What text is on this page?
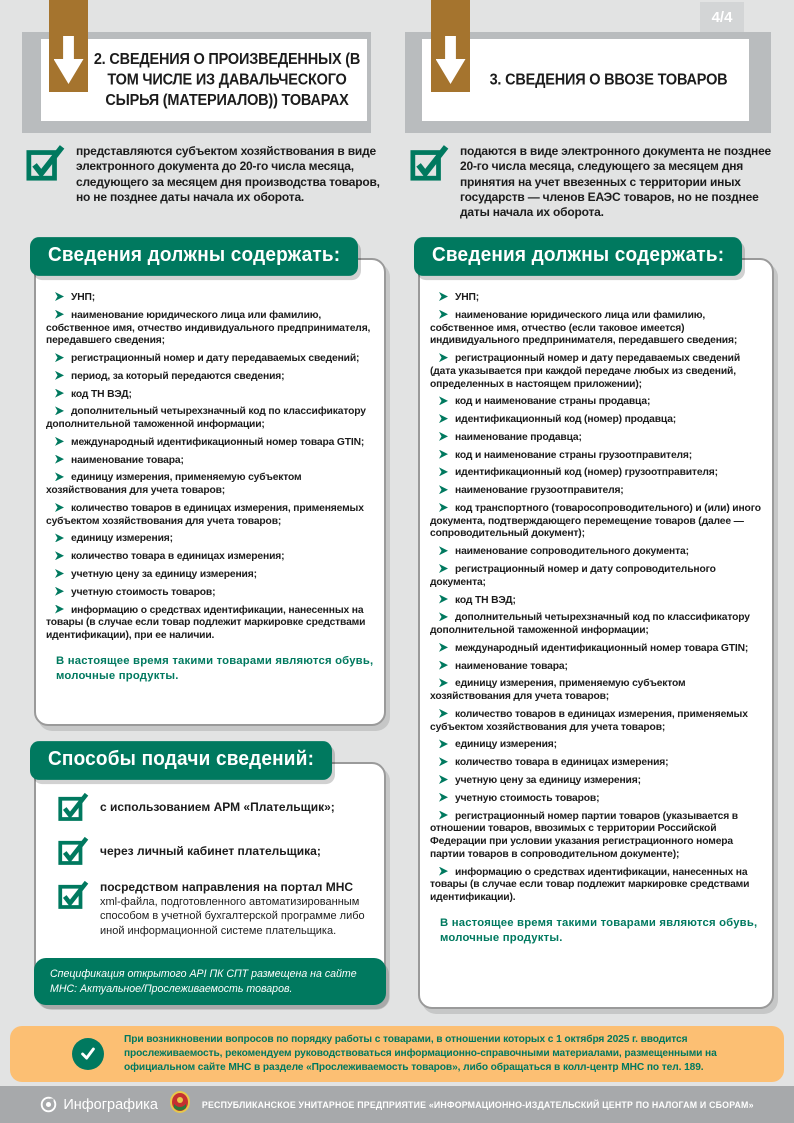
4/4
2. СВЕДЕНИЯ О ПРОИЗВЕДЕННЫХ (В ТОМ ЧИСЛЕ ИЗ ДАВАЛЬЧЕСКОГО СЫРЬЯ (МАТЕРИАЛОВ)) ТОВАРАХ
3. СВЕДЕНИЯ О ВВОЗЕ ТОВАРОВ
представляются субъектом хозяйствования в виде электронного документа до 20-го числа месяца, следующего за месяцем дня производства товаров, но не позднее даты начала их оборота.
подаются в виде электронного документа не позднее 20-го числа месяца, следующего за месяцем дня принятия на учет ввезенных с территории иных государств — членов ЕАЭС товаров, но не позднее даты начала их оборота.
Сведения должны содержать:	Сведения должны содержать:
Способы подачи сведений:
УНП;
наименование юридического лица или фамилию, собственное имя, отчество индивидуального предпринимателя, передавшего сведения;
регистрационный номер и дату передаваемых сведений;
период, за который передаются сведения;
код ТН ВЭД;
дополнительный четырехзначный код по классификатору дополнительной таможенной информации;
международный идентификационный номер товара GTIN;
наименование товара;
единицу измерения, применяемую субъектом хозяйствования для учета товаров;
количество товаров в единицах измерения, применяемых субъектом хозяйствования для учета товаров;
единицу измерения;
количество товара в единицах измерения;
учетную цену за единицу измерения;
учетную стоимость товаров;
информацию о средствах идентификации, нанесенных на товары (в случае если товар подлежит маркировке средствами идентификации), при ее наличии.
В настоящее время такими товарами являются обувь, молочные продукты.
УНП;
наименование юридического лица или фамилию, собственное имя, отчество (если таковое имеется) индивидуального предпринимателя, передавшего сведения;
регистрационный номер и дату передаваемых сведений (дата указывается при каждой передаче любых из сведений, определенных в настоящем приложении);
код и наименование страны продавца;
идентификационный код (номер) продавца;
наименование продавца;
код и наименование страны грузоотправителя;
идентификационный код (номер) грузоотправителя;
наименование грузоотправителя;
код транспортного (товаросопроводительного) и (или) иного документа, подтверждающего перемещение товаров (далее — сопроводительный документ);
наименование сопроводительного документа;
регистрационный номер и дату сопроводительного документа;
код ТН ВЭД;
дополнительный четырехзначный код по классификатору дополнительной таможенной информации;
международный идентификационный номер товара GTIN;
наименование товара;
единицу измерения, применяемую субъектом хозяйствования для учета товаров;
количество товаров в единицах измерения, применяемых субъектом хозяйствования для учета товаров;
единицу измерения;
количество товара в единицах измерения;
учетную цену за единицу измерения;
учетную стоимость товаров;
регистрационный номер партии товаров (указывается в отношении товаров, ввозимых с территории Российской Федерации при условии указания регистрационного номера партии товаров в сопроводительном документе);
информацию о средствах идентификации, нанесенных на товары (в случае если товар подлежит маркировке средствами идентификации).
В настоящее время такими товарами являются обувь, молочные продукты.
с использованием АРМ «Плательщик»;
через личный кабинет плательщика;
посредством направления на портал МНС
xml-файла, подготовленного автоматизированным способом в учетной бухгалтерской программе либо иной информационной системе плательщика.
Спецификация открытого API ПК СПТ размещена на сайте МНС: Актуальное/Прослеживаемость товаров.
При возникновении вопросов по порядку работы с товарами, в отношении которых с 1 октября 2025 г. вводится прослеживаемость, рекомендуем руководствоваться информационно-справочными материалами, размещенными на официальном сайте МНС в разделе «Прослеживаемость товаров», либо обращаться в колл-центр МНС по тел. 189.
Инфографика	РЕСПУБЛИКАНСКОЕ УНИТАРНОЕ ПРЕДПРИЯТИЕ «ИНФОРМАЦИОННО-ИЗДАТЕЛЬСКИЙ ЦЕНТР ПО НАЛОГАМ И СБОРАМ»
